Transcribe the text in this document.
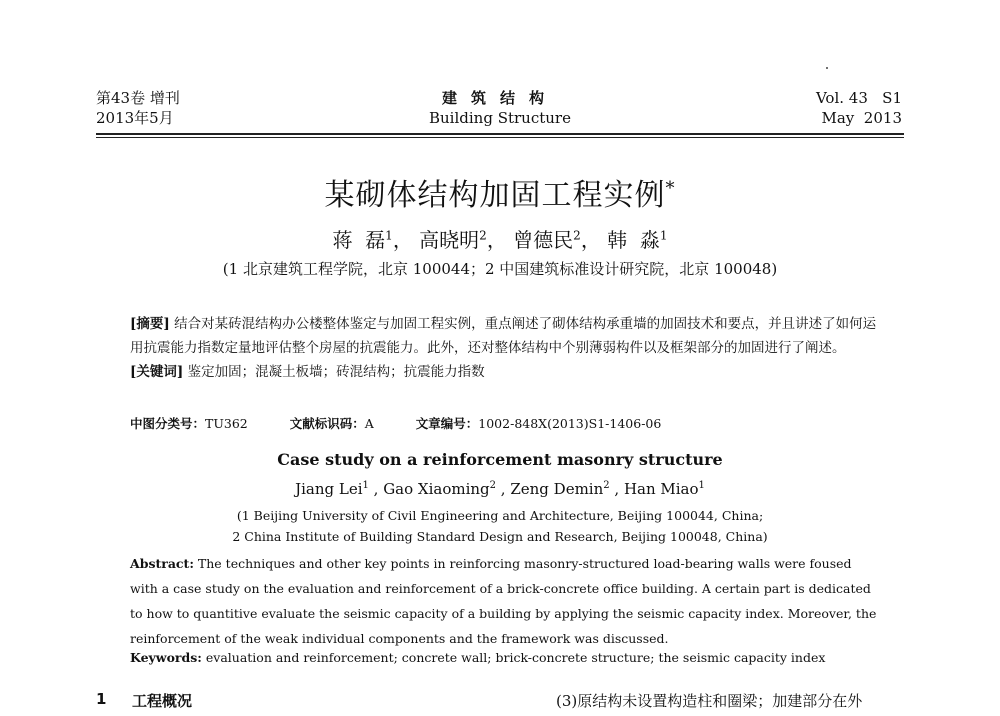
第43卷 增刊
2013年5月
建筑结构
Building Structure
Vol. 43   S1
May  2013
某砌体结构加固工程实例*
蒋  磊$^1$， 高晓明$^2$， 曾德民$^2$， 韩  淼$^1$
(1 北京建筑工程学院，北京 100044；2 中国建筑标准设计研究院，北京 100048)
[摘要] 结合对某砖混结构办公楼整体鉴定与加固工程实例，重点阐述了砌体结构承重墙的加固技术和要点，并且讲述了如何运用抗震能力指数定量地评估整个房屋的抗震能力。此外，还对整体结构中个别薄弱构件以及框架部分的加固进行了阐述。
[关键词] 鉴定加固；混凝土板墙；砖混结构；抗震能力指数
中图分类号：TU362	文献标识码：A	文章编号：1002-848X(2013)S1-1406-06
Case study on a reinforcement masonry structure
Jiang Lei$^1$ , Gao Xiaoming$^2$ , Zeng Demin$^2$ , Han Miao$^1$
(1 Beijing University of Civil Engineering and Architecture, Beijing 100044, China;
2 China Institute of Building Standard Design and Research, Beijing 100048, China)
Abstract: The techniques and other key points in reinforcing masonry-structured load-bearing walls were foused with a case study on the evaluation and reinforcement of a brick-concrete office building. A certain part is dedicated to how to quantitive evaluate the seismic capacity of a building by applying the seismic capacity index. Moreover, the reinforcement of the weak individual components and the framework was discussed.
Keywords: evaluation and reinforcement; concrete wall; brick-concrete structure; the seismic capacity index
1 工程概况	(3)原结构未设置构造柱和圈梁；加建部分在外
